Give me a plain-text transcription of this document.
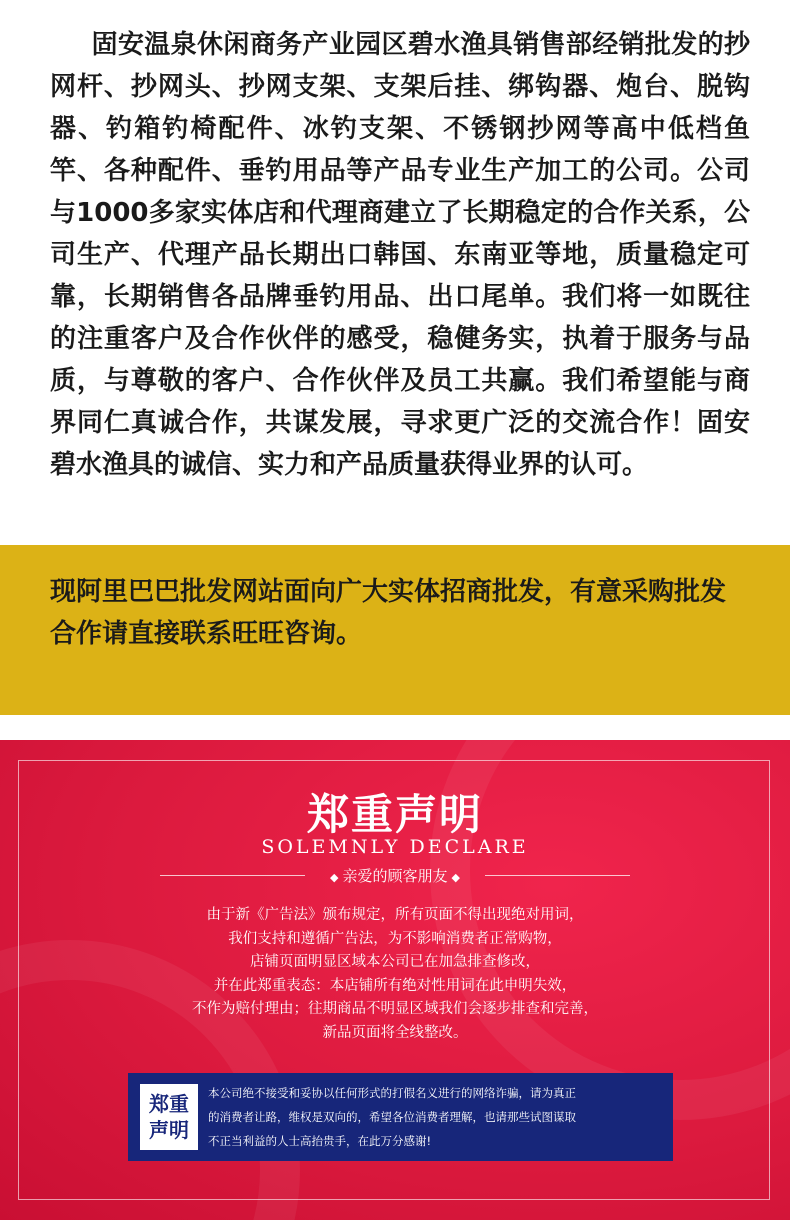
固安温泉休闲商务产业园区碧水渔具销售部经销批发的抄网杆、抄网头、抄网支架、支架后挂、绑钩器、炮台、脱钩器、钓箱钓椅配件、冰钓支架、不锈钢抄网等高中低档鱼竿、各种配件、垂钓用品等产品专业生产加工的公司。公司与1000多家实体店和代理商建立了长期稳定的合作关系，公司生产、代理产品长期出口韩国、东南亚等地，质量稳定可靠，长期销售各品牌垂钓用品、出口尾单。我们将一如既往的注重客户及合作伙伴的感受，稳健务实，执着于服务与品质，与尊敬的客户、合作伙伴及员工共赢。我们希望能与商界同仁真诚合作，共谋发展，寻求更广泛的交流合作！固安碧水渔具的诚信、实力和产品质量获得业界的认可。

现阿里巴巴批发网站面向广大实体招商批发，有意采购批发合作请直接联系旺旺咨询。

郑重声明
SOLEMNLY DECLARE
◆ 亲爱的顾客朋友 ◆
由于新《广告法》颁布规定，所有页面不得出现绝对用词，
我们支持和遵循广告法，为不影响消费者正常购物，
店铺页面明显区域本公司已在加急排查修改，
并在此郑重表态：本店铺所有绝对性用词在此申明失效，
不作为赔付理由；往期商品不明显区域我们会逐步排查和完善，
新品页面将全线整改。
郑重
声明
本公司绝不接受和妥协以任何形式的打假名义进行的网络诈骗，请为真正
的消费者让路，维权是双向的，希望各位消费者理解，也请那些试图谋取
不正当利益的人士高抬贵手，在此万分感谢!
